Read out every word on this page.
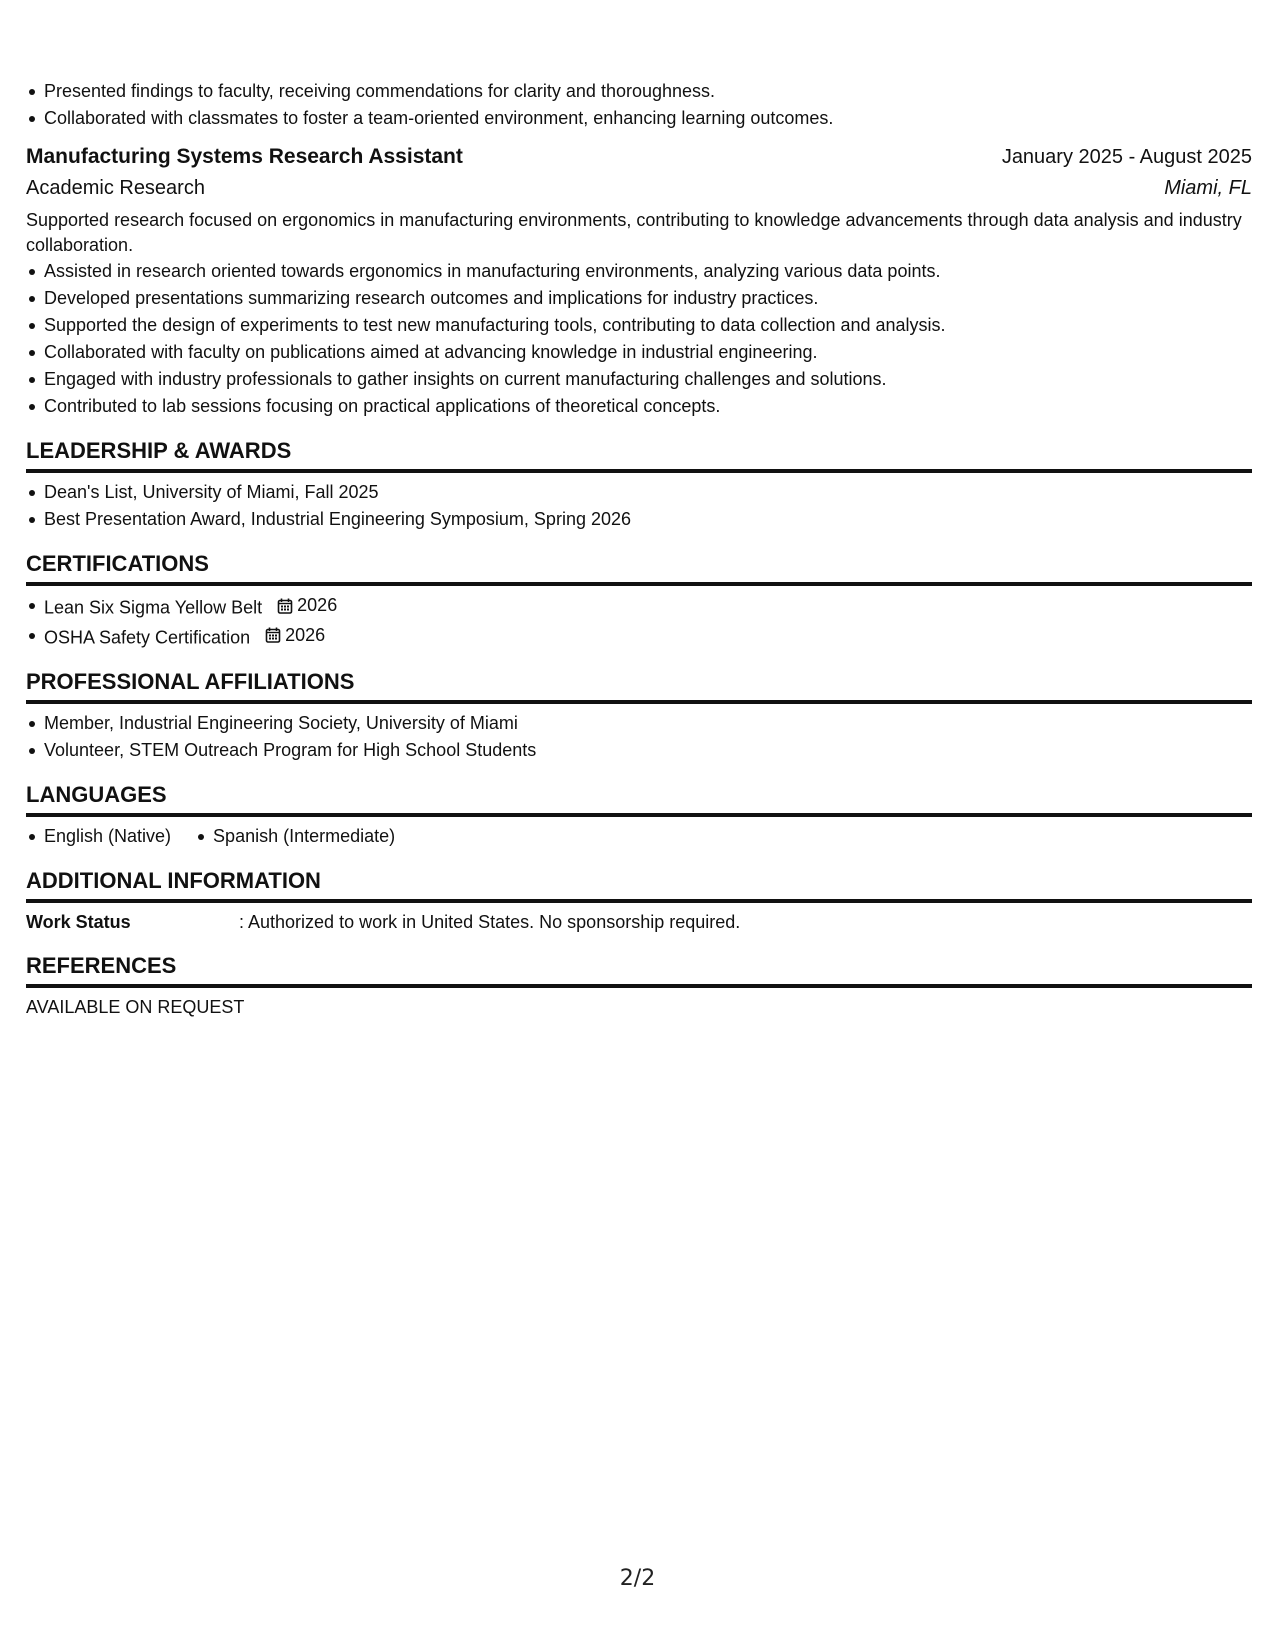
Presented findings to faculty, receiving commendations for clarity and thoroughness.
Collaborated with classmates to foster a team-oriented environment, enhancing learning outcomes.
Manufacturing Systems Research Assistant	January 2025 - August 2025
Academic Research	Miami, FL
Supported research focused on ergonomics in manufacturing environments, contributing to knowledge advancements through data analysis and industry collaboration.
Assisted in research oriented towards ergonomics in manufacturing environments, analyzing various data points.
Developed presentations summarizing research outcomes and implications for industry practices.
Supported the design of experiments to test new manufacturing tools, contributing to data collection and analysis.
Collaborated with faculty on publications aimed at advancing knowledge in industrial engineering.
Engaged with industry professionals to gather insights on current manufacturing challenges and solutions.
Contributed to lab sessions focusing on practical applications of theoretical concepts.
LEADERSHIP & AWARDS
Dean's List, University of Miami, Fall 2025
Best Presentation Award, Industrial Engineering Symposium, Spring 2026
CERTIFICATIONS
Lean Six Sigma Yellow Belt 2026
OSHA Safety Certification 2026
PROFESSIONAL AFFILIATIONS
Member, Industrial Engineering Society, University of Miami
Volunteer, STEM Outreach Program for High School Students
LANGUAGES
English (Native)	Spanish (Intermediate)
ADDITIONAL INFORMATION
Work Status	: Authorized to work in United States. No sponsorship required.
REFERENCES
AVAILABLE ON REQUEST
2/2
